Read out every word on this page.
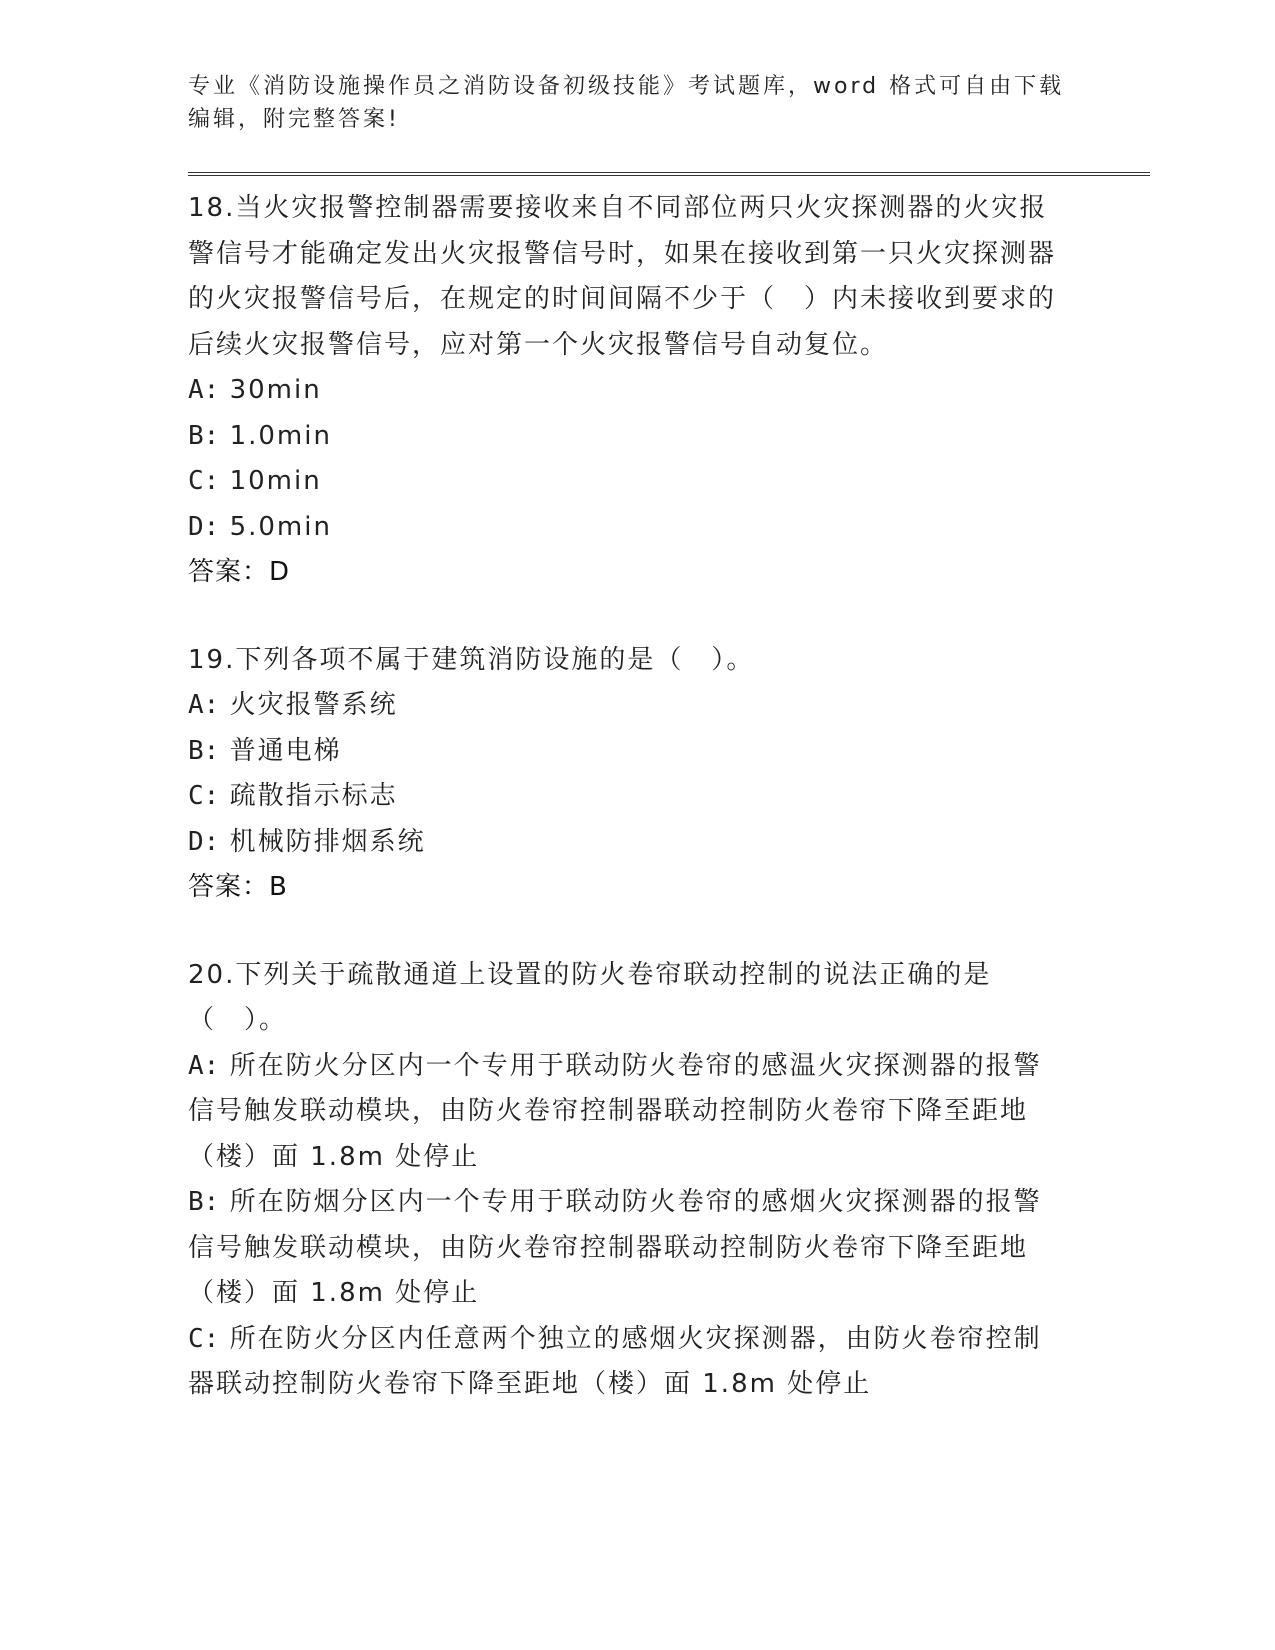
专业《消防设施操作员之消防设备初级技能》考试题库，word 格式可自由下载编辑，附完整答案!
18.当火灾报警控制器需要接收来自不同部位两只火灾探测器的火灾报警信号才能确定发出火灾报警信号时，如果在接收到第一只火灾探测器的火灾报警信号后，在规定的时间间隔不少于（　）内未接收到要求的后续火灾报警信号，应对第一个火灾报警信号自动复位。
A: 30min
B: 1.0min
C: 10min
D: 5.0min
答案：D
19.下列各项不属于建筑消防设施的是（　）。
A: 火灾报警系统
B: 普通电梯
C: 疏散指示标志
D: 机械防排烟系统
答案：B
20.下列关于疏散通道上设置的防火卷帘联动控制的说法正确的是（　）。
A: 所在防火分区内一个专用于联动防火卷帘的感温火灾探测器的报警信号触发联动模块，由防火卷帘控制器联动控制防火卷帘下降至距地（楼）面 1.8m 处停止
B: 所在防烟分区内一个专用于联动防火卷帘的感烟火灾探测器的报警信号触发联动模块，由防火卷帘控制器联动控制防火卷帘下降至距地（楼）面 1.8m 处停止
C: 所在防火分区内任意两个独立的感烟火灾探测器，由防火卷帘控制器联动控制防火卷帘下降至距地（楼）面 1.8m 处停止
